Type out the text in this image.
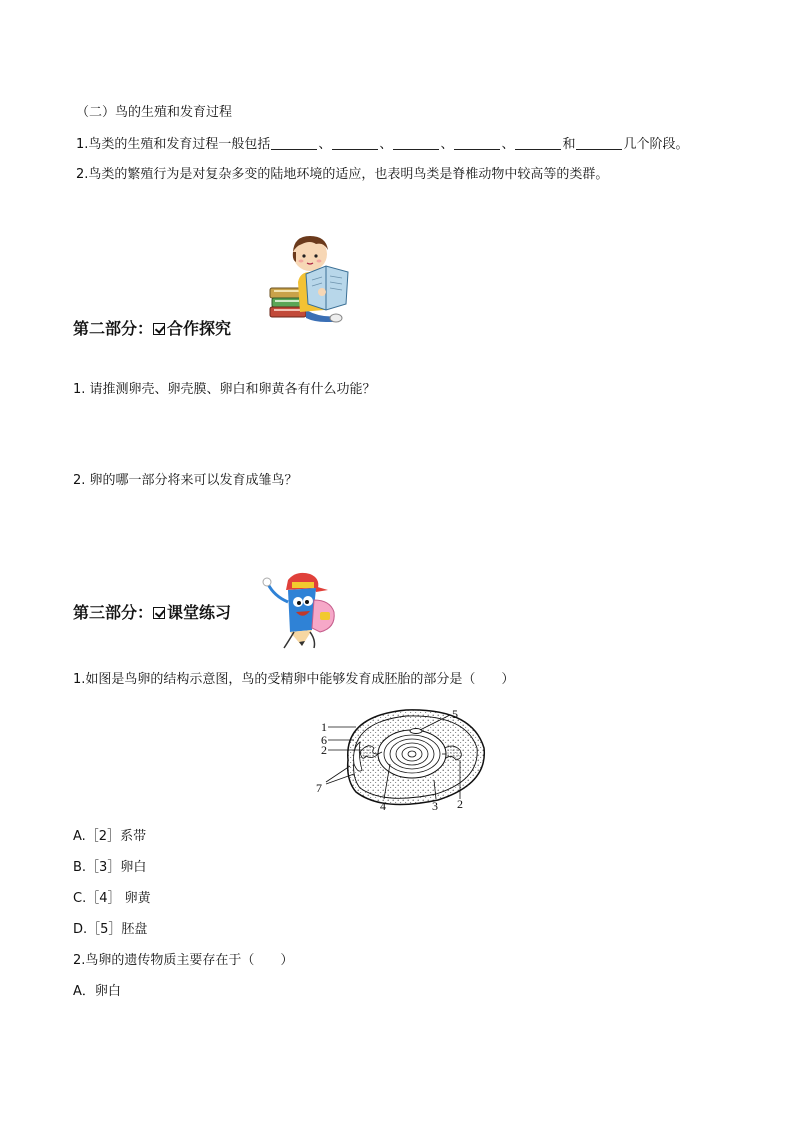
（二）鸟的生殖和发育过程
1.鸟类的生殖和发育过程一般包括	、	、	、	、	和	几个阶段。
2.鸟类的繁殖行为是对复杂多变的陆地环境的适应，也表明鸟类是脊椎动物中较高等的类群。
第二部分： 合作探究
1. 请推测卵壳、卵壳膜、卵白和卵黄各有什么功能？
2. 卵的哪一部分将来可以发育成雏鸟？
第三部分： 课堂练习
1.如图是鸟卵的结构示意图，鸟的受精卵中能够发育成胚胎的部分是（　　）
1
6
2
7
5
4	3 2
A.［2］系带
B.［3］卵白
C.［4］ 卵黄
D.［5］胚盘
2.鸟卵的遗传物质主要存在于（　　）
A．卵白
